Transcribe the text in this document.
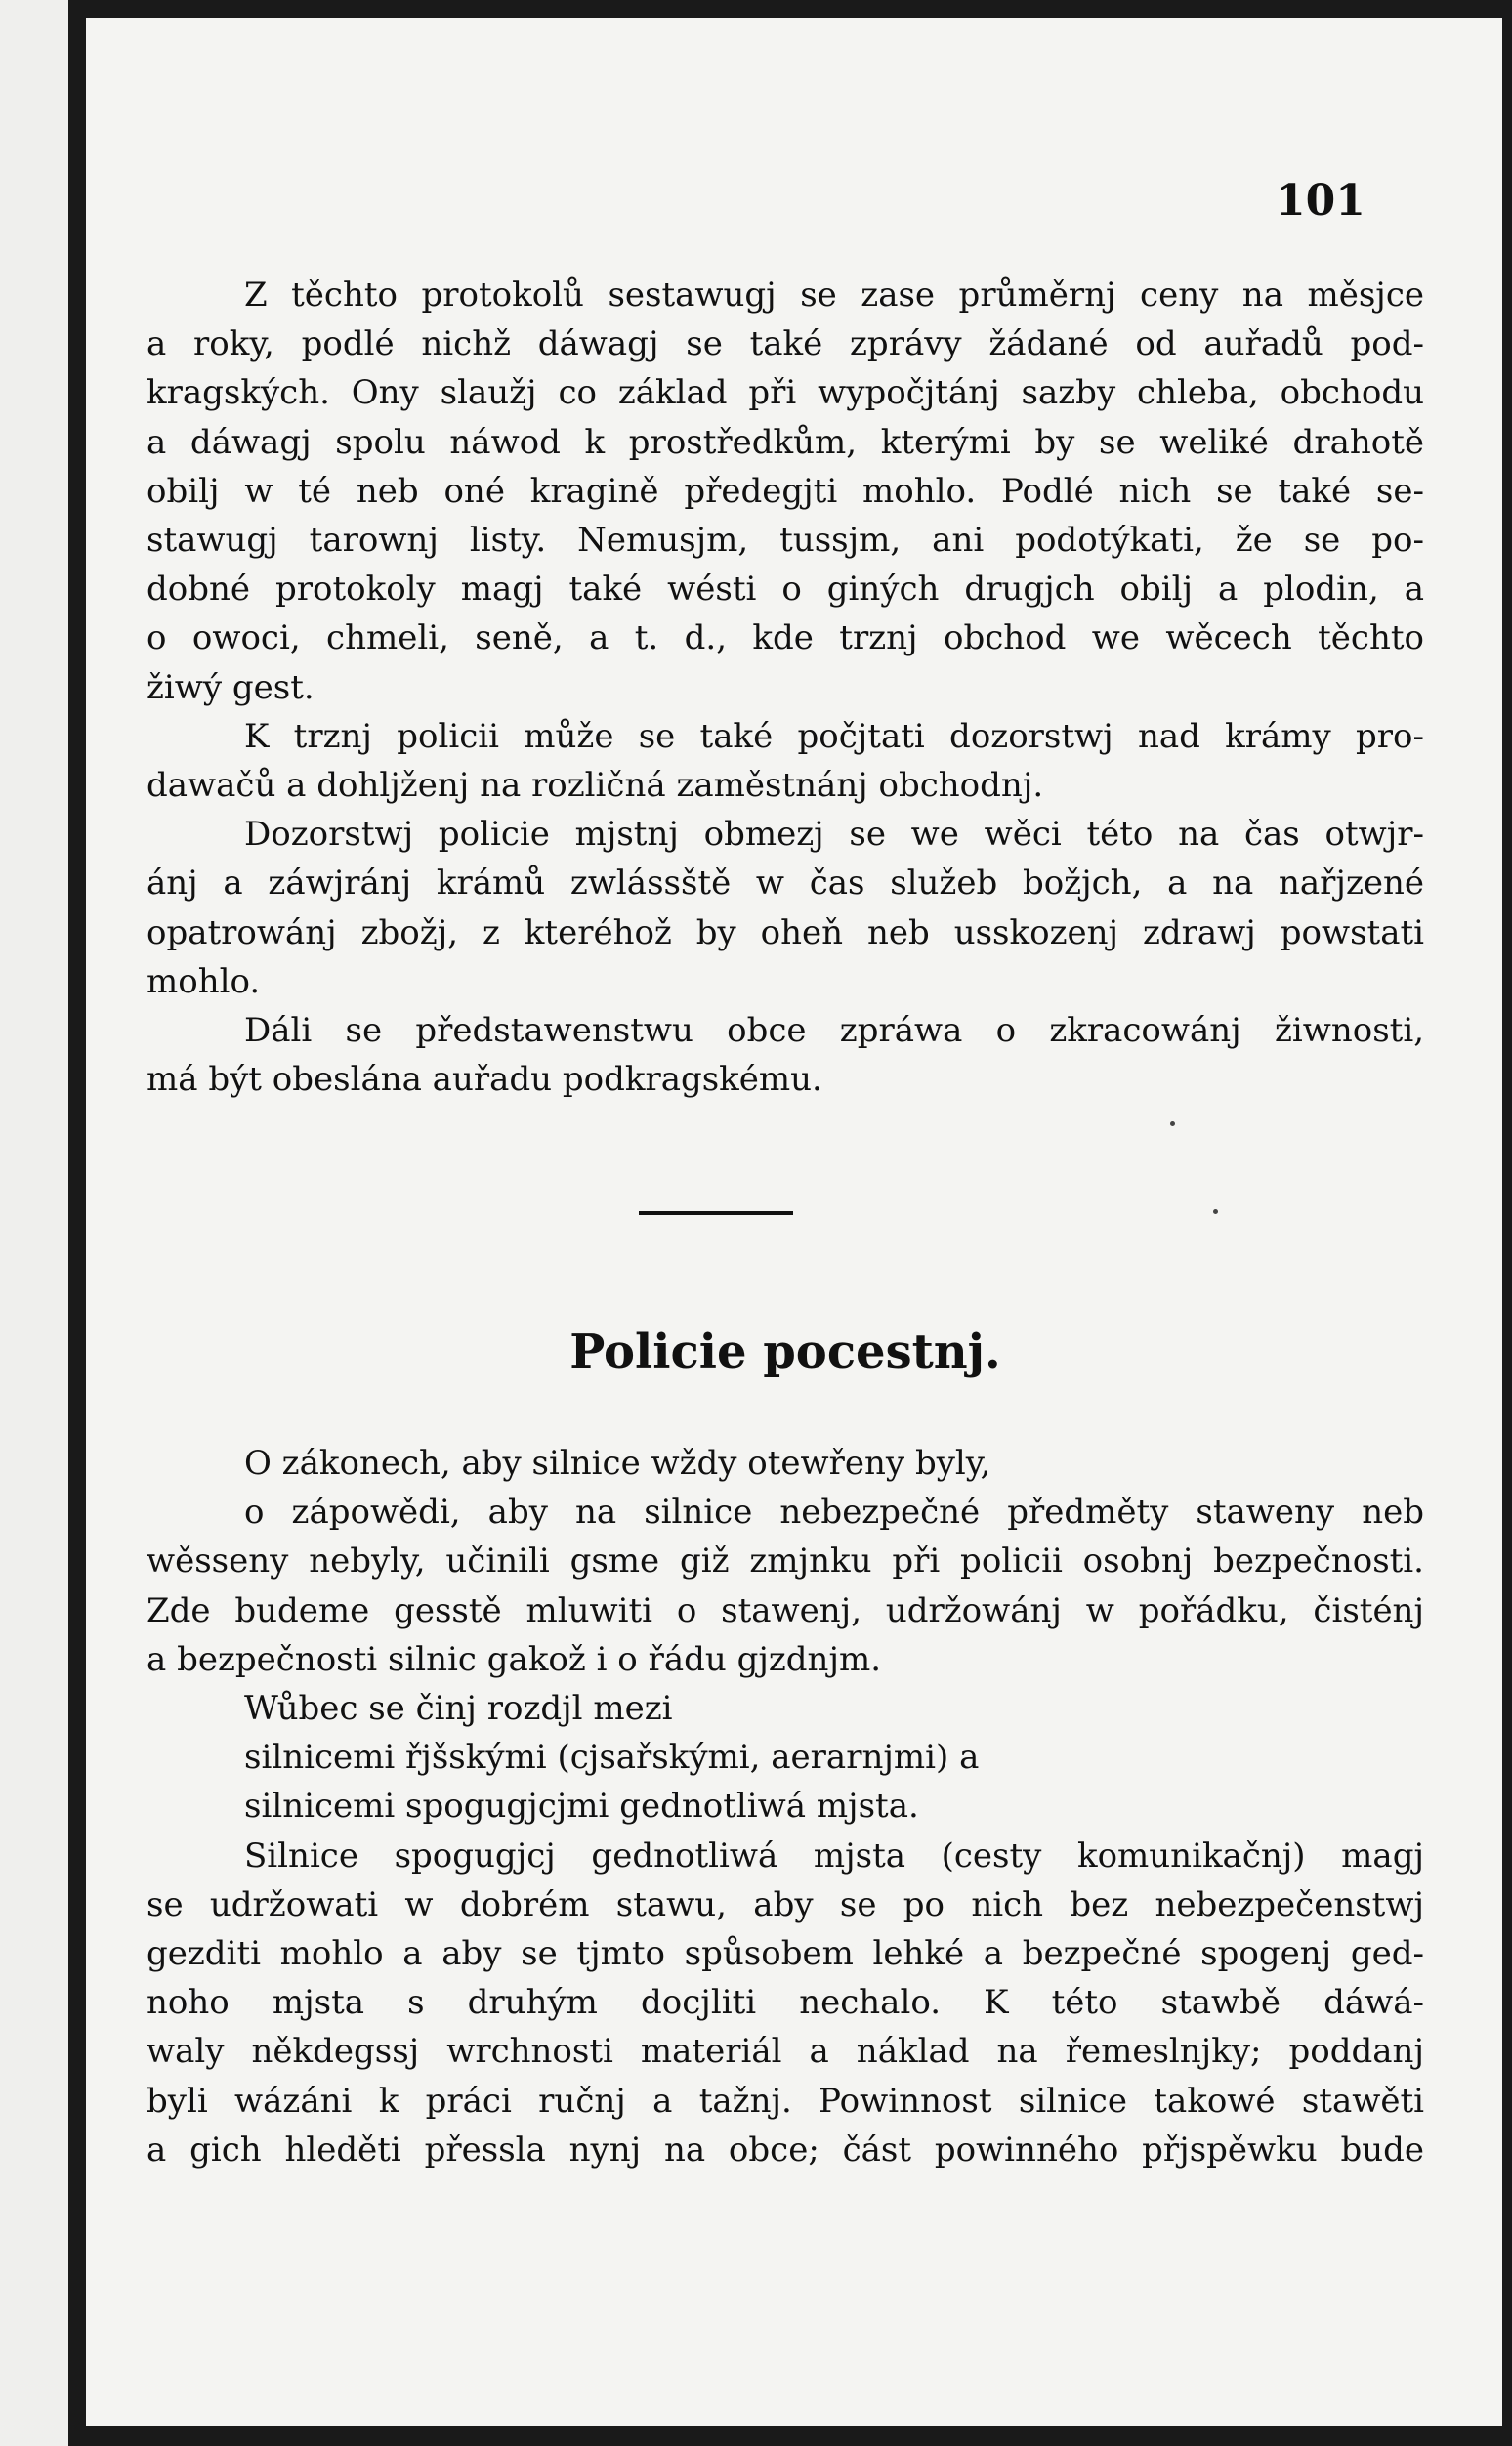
101
Z těchto protokolů sestawugj se zase průměrnj ceny na měsjce
a roky, podlé nichž dáwagj se také zprávy žádané od auřadů pod-
kragských. Ony slaužj co základ při wypočjtánj sazby chleba, obchodu
a dáwagj spolu náwod k prostředkům, kterými by se weliké drahotě
obilj w té neb oné kragině předegjti mohlo. Podlé nich se také se-
stawugj tarownj listy. Nemusjm, tussjm, ani podotýkati, že se po-
dobné protokoly magj také wésti o giných drugjch obilj a plodin, a
o owoci, chmeli, seně, a t. d., kde trznj obchod we wěcech těchto
žiwý gest.
K trznj policii může se také počjtati dozorstwj nad krámy pro-
dawačů a dohljženj na rozličná zaměstnánj obchodnj.
Dozorstwj policie mjstnj obmezj se we wěci této na čas otwjr-
ánj a záwjránj krámů zwlássště w čas služeb božjch, a na nařjzené
opatrowánj zbožj, z kteréhož by oheň neb usskozenj zdrawj powstati
mohlo.
Dáli se předstawenstwu obce zpráwa o zkracowánj žiwnosti,
má být obeslána auřadu podkragskému.
Policie pocestnj.
O zákonech, aby silnice wždy otewřeny byly,
o zápowědi, aby na silnice nebezpečné předměty staweny neb
wěsseny nebyly, učinili gsme giž zmjnku při policii osobnj bezpečnosti.
Zde budeme gesstě mluwiti o stawenj, udržowánj w pořádku, čisténj
a bezpečnosti silnic gakož i o řádu gjzdnjm.
Wůbec se činj rozdjl mezi
silnicemi řjšskými (cjsařskými, aerarnjmi) a
silnicemi spogugjcjmi gednotliwá mjsta.
Silnice spogugjcj gednotliwá mjsta (cesty komunikačnj) magj
se udržowati w dobrém stawu, aby se po nich bez nebezpečenstwj
gezditi mohlo a aby se tjmto spůsobem lehké a bezpečné spogenj ged-
noho mjsta s druhým docjliti nechalo. K této stawbě dáwá-
waly někdegssj wrchnosti materiál a náklad na řemeslnjky; poddanj
byli wázáni k práci ručnj a tažnj. Powinnost silnice takowé stawěti
a gich hleděti přessla nynj na obce; část powinného přjspěwku bude
